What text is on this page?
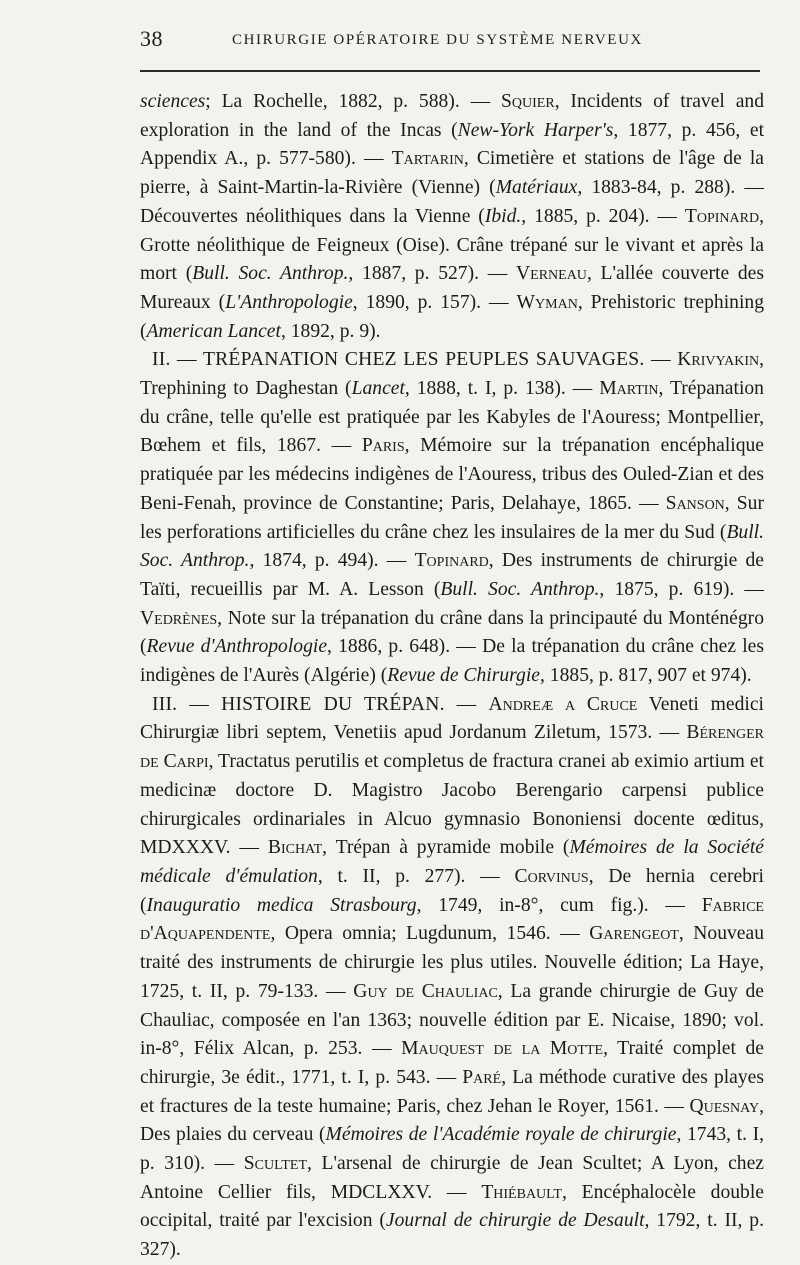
38	CHIRURGIE OPÉRATOIRE DU SYSTÈME NERVEUX

sciences; La Rochelle, 1882, p. 588). — Squier, Incidents of travel and exploration in the land of the Incas (New-York Harper's, 1877, p. 456, et Appendix A., p. 577-580). — Tartarin, Cimetière et stations de l'âge de la pierre, à Saint-Martin-la-Rivière (Vienne) (Matériaux, 1883-84, p. 288). — Découvertes néolithiques dans la Vienne (Ibid., 1885, p. 204). — Topinard, Grotte néolithique de Feigneux (Oise). Crâne trépané sur le vivant et après la mort (Bull. Soc. Anthrop., 1887, p. 527). — Verneau, L'allée couverte des Mureaux (L'Anthropologie, 1890, p. 157). — Wyman, Prehistoric trephining (American Lancet, 1892, p. 9).

II. — TRÉPANATION CHEZ LES PEUPLES SAUVAGES. — Krivyakin, Trephining to Daghestan (Lancet, 1888, t. I, p. 138). — Martin, Trépanation du crâne, telle qu'elle est pratiquée par les Kabyles de l'Aouress; Montpellier, Bœhem et fils, 1867. — Paris, Mémoire sur la trépanation encéphalique pratiquée par les médecins indigènes de l'Aouress, tribus des Ouled-Zian et des Beni-Fenah, province de Constantine; Paris, Delahaye, 1865. — Sanson, Sur les perforations artificielles du crâne chez les insulaires de la mer du Sud (Bull. Soc. Anthrop., 1874, p. 494). — Topinard, Des instruments de chirurgie de Taïti, recueillis par M. A. Lesson (Bull. Soc. Anthrop., 1875, p. 619). — Vedrènes, Note sur la trépanation du crâne dans la principauté du Monténégro (Revue d'Anthropologie, 1886, p. 648). — De la trépanation du crâne chez les indigènes de l'Aurès (Algérie) (Revue de Chirurgie, 1885, p. 817, 907 et 974).

III. — HISTOIRE DU TRÉPAN. — Andreæ a Cruce Veneti medici Chirurgiæ libri septem, Venetiis apud Jordanum Ziletum, 1573. — Bérenger de Carpi, Tractatus perutilis et completus de fractura cranei ab eximio artium et medicinæ doctore D. Magistro Jacobo Berengario carpensi publice chirurgicales ordinariales in Alcuo gymnasio Bononiensi docente œditus, MDXXXV. — Bichat, Trépan à pyramide mobile (Mémoires de la Société médicale d'émulation, t. II, p. 277). — Corvinus, De hernia cerebri (Inauguratio medica Strasbourg, 1749, in-8°, cum fig.). — Fabrice d'Aquapendente, Opera omnia; Lugdunum, 1546. — Garengeot, Nouveau traité des instruments de chirurgie les plus utiles. Nouvelle édition; La Haye, 1725, t. II, p. 79-133. — Guy de Chauliac, La grande chirurgie de Guy de Chauliac, composée en l'an 1363; nouvelle édition par E. Nicaise, 1890; vol. in-8°, Félix Alcan, p. 253. — Mauquest de la Motte, Traité complet de chirurgie, 3e édit., 1771, t. I, p. 543. — Paré, La méthode curative des playes et fractures de la teste humaine; Paris, chez Jehan le Royer, 1561. — Quesnay, Des plaies du cerveau (Mémoires de l'Académie royale de chirurgie, 1743, t. I, p. 310). — Scultet, L'arsenal de chirurgie de Jean Scultet; A Lyon, chez Antoine Cellier fils, MDCLXXV. — Thiébault, Encéphalocèle double occipital, traité par l'excision (Journal de chirurgie de Desault, 1792, t. II, p. 327).
